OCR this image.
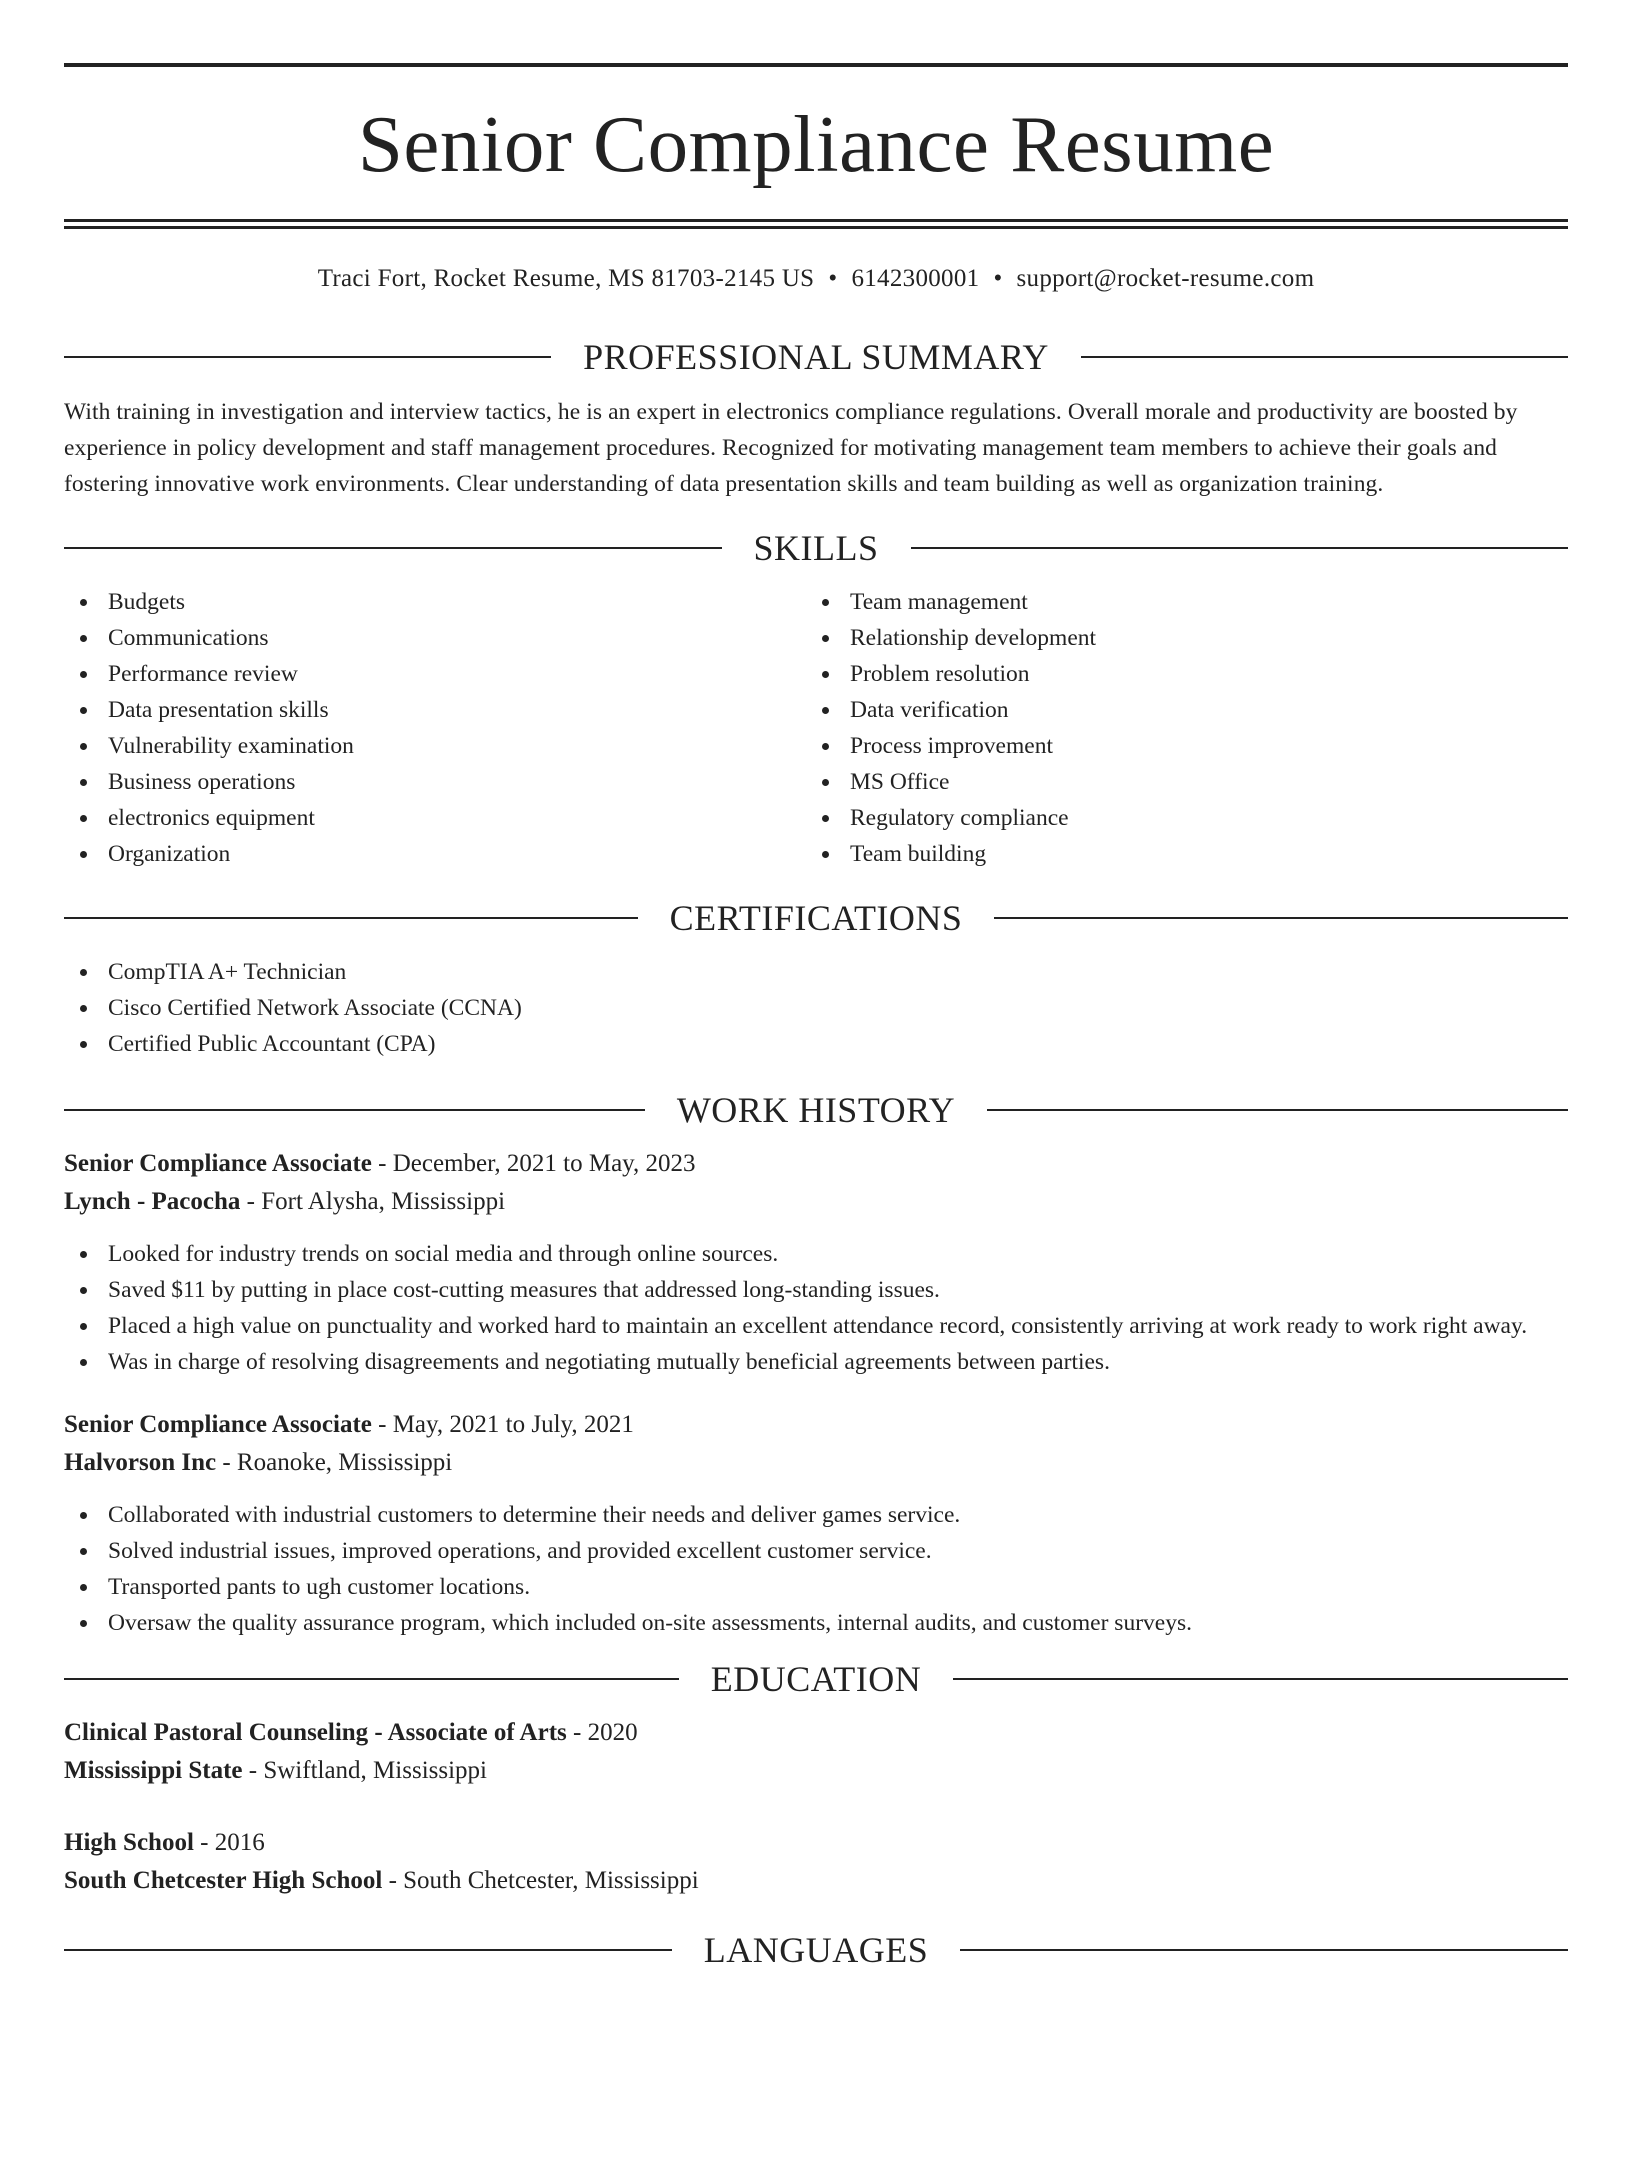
Senior Compliance Resume
Traci Fort, Rocket Resume, MS 81703-2145 US • 6142300001 • support@rocket-resume.com
PROFESSIONAL SUMMARY
With training in investigation and interview tactics, he is an expert in electronics compliance regulations. Overall morale and productivity are boosted by experience in policy development and staff management procedures. Recognized for motivating management team members to achieve their goals and fostering innovative work environments. Clear understanding of data presentation skills and team building as well as organization training.
SKILLS
Budgets
Communications
Performance review
Data presentation skills
Vulnerability examination
Business operations
electronics equipment
Organization
Team management
Relationship development
Problem resolution
Data verification
Process improvement
MS Office
Regulatory compliance
Team building
CERTIFICATIONS
CompTIA A+ Technician
Cisco Certified Network Associate (CCNA)
Certified Public Accountant (CPA)
WORK HISTORY
Senior Compliance Associate - December, 2021 to May, 2023
Lynch - Pacocha - Fort Alysha, Mississippi
Looked for industry trends on social media and through online sources.
Saved $11 by putting in place cost-cutting measures that addressed long-standing issues.
Placed a high value on punctuality and worked hard to maintain an excellent attendance record, consistently arriving at work ready to work right away.
Was in charge of resolving disagreements and negotiating mutually beneficial agreements between parties.
Senior Compliance Associate - May, 2021 to July, 2021
Halvorson Inc - Roanoke, Mississippi
Collaborated with industrial customers to determine their needs and deliver games service.
Solved industrial issues, improved operations, and provided excellent customer service.
Transported pants to ugh customer locations.
Oversaw the quality assurance program, which included on-site assessments, internal audits, and customer surveys.
EDUCATION
Clinical Pastoral Counseling - Associate of Arts - 2020
Mississippi State - Swiftland, Mississippi
High School - 2016
South Chetcester High School - South Chetcester, Mississippi
LANGUAGES
